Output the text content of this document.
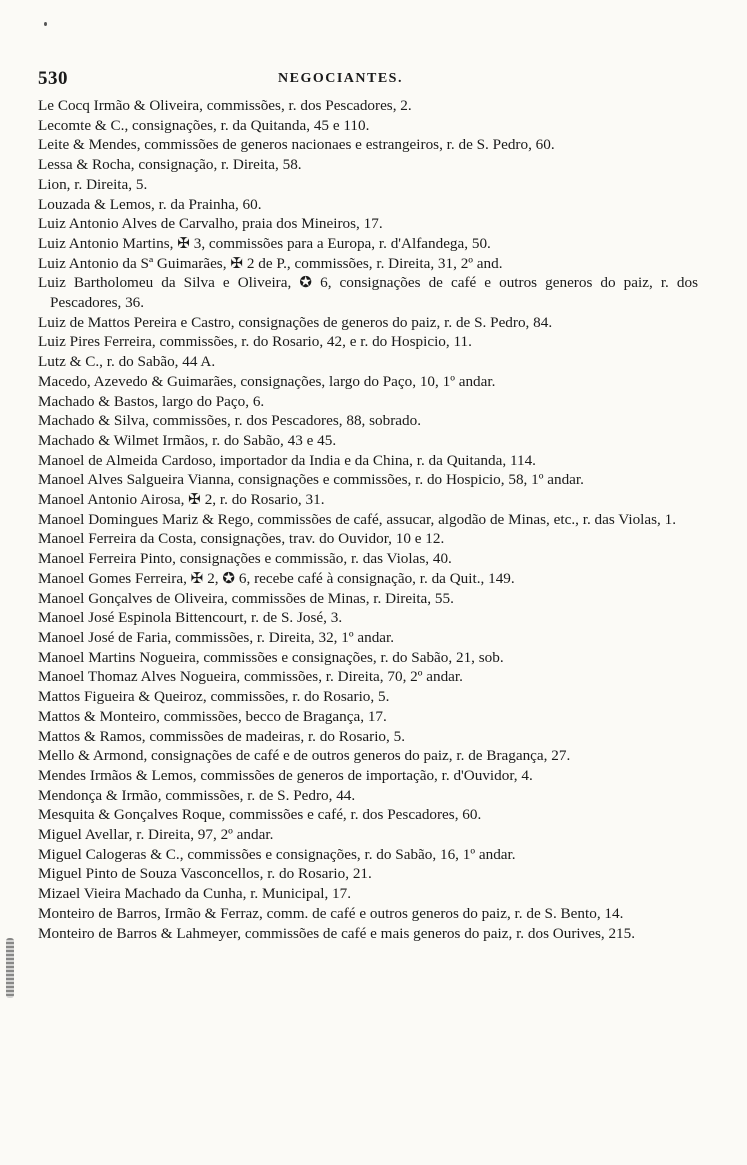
530	NEGOCIANTES.

Le Cocq Irmão & Oliveira, commissões, r. dos Pescadores, 2.

Lecomte & C., consignações, r. da Quitanda, 45 e 110.

Leite & Mendes, commissões de generos nacionaes e estrangeiros, r. de S. Pedro, 60.

Lessa & Rocha, consignação, r. Direita, 58.

Lion, r. Direita, 5.

Louzada & Lemos, r. da Prainha, 60.

Luiz Antonio Alves de Carvalho, praia dos Mineiros, 17.

Luiz Antonio Martins, ✠ 3, commissões para a Europa, r. d'Alfandega, 50.

Luiz Antonio da Sª Guimarães, ✠ 2 de P., commissões, r. Direita, 31, 2º and.

Luiz Bartholomeu da Silva e Oliveira, ✪ 6, consignações de café e outros generos do paiz, r. dos Pescadores, 36.

Luiz de Mattos Pereira e Castro, consignações de generos do paiz, r. de S. Pedro, 84.

Luiz Pires Ferreira, commissões, r. do Rosario, 42, e r. do Hospicio, 11.

Lutz & C., r. do Sabão, 44 A.

Macedo, Azevedo & Guimarães, consignações, largo do Paço, 10, 1º andar.

Machado & Bastos, largo do Paço, 6.

Machado & Silva, commissões, r. dos Pescadores, 88, sobrado.

Machado & Wilmet Irmãos, r. do Sabão, 43 e 45.

Manoel de Almeida Cardoso, importador da India e da China, r. da Quitanda, 114.

Manoel Alves Salgueira Vianna, consignações e commissões, r. do Hospicio, 58, 1º andar.

Manoel Antonio Airosa, ✠ 2, r. do Rosario, 31.

Manoel Domingues Mariz & Rego, commissões de café, assucar, algodão de Minas, etc., r. das Violas, 1.

Manoel Ferreira da Costa, consignações, trav. do Ouvidor, 10 e 12.

Manoel Ferreira Pinto, consignações e commissão, r. das Violas, 40.

Manoel Gomes Ferreira, ✠ 2, ✪ 6, recebe café à consignação, r. da Quit., 149.

Manoel Gonçalves de Oliveira, commissões de Minas, r. Direita, 55.

Manoel José Espinola Bittencourt, r. de S. José, 3.

Manoel José de Faria, commissões, r. Direita, 32, 1º andar.

Manoel Martins Nogueira, commissões e consignações, r. do Sabão, 21, sob.

Manoel Thomaz Alves Nogueira, commissões, r. Direita, 70, 2º andar.

Mattos Figueira & Queiroz, commissões, r. do Rosario, 5.

Mattos & Monteiro, commissões, becco de Bragança, 17.

Mattos & Ramos, commissões de madeiras, r. do Rosario, 5.

Mello & Armond, consignações de café e de outros generos do paiz, r. de Bragança, 27.

Mendes Irmãos & Lemos, commissões de generos de importação, r. d'Ouvidor, 4.

Mendonça & Irmão, commissões, r. de S. Pedro, 44.

Mesquita & Gonçalves Roque, commissões e café, r. dos Pescadores, 60.

Miguel Avellar, r. Direita, 97, 2º andar.

Miguel Calogeras & C., commissões e consignações, r. do Sabão, 16, 1º andar.

Miguel Pinto de Souza Vasconcellos, r. do Rosario, 21.

Mizael Vieira Machado da Cunha, r. Municipal, 17.

Monteiro de Barros, Irmão & Ferraz, comm. de café e outros generos do paiz, r. de S. Bento, 14.

Monteiro de Barros & Lahmeyer, commissões de café e mais generos do paiz, r. dos Ourives, 215.
